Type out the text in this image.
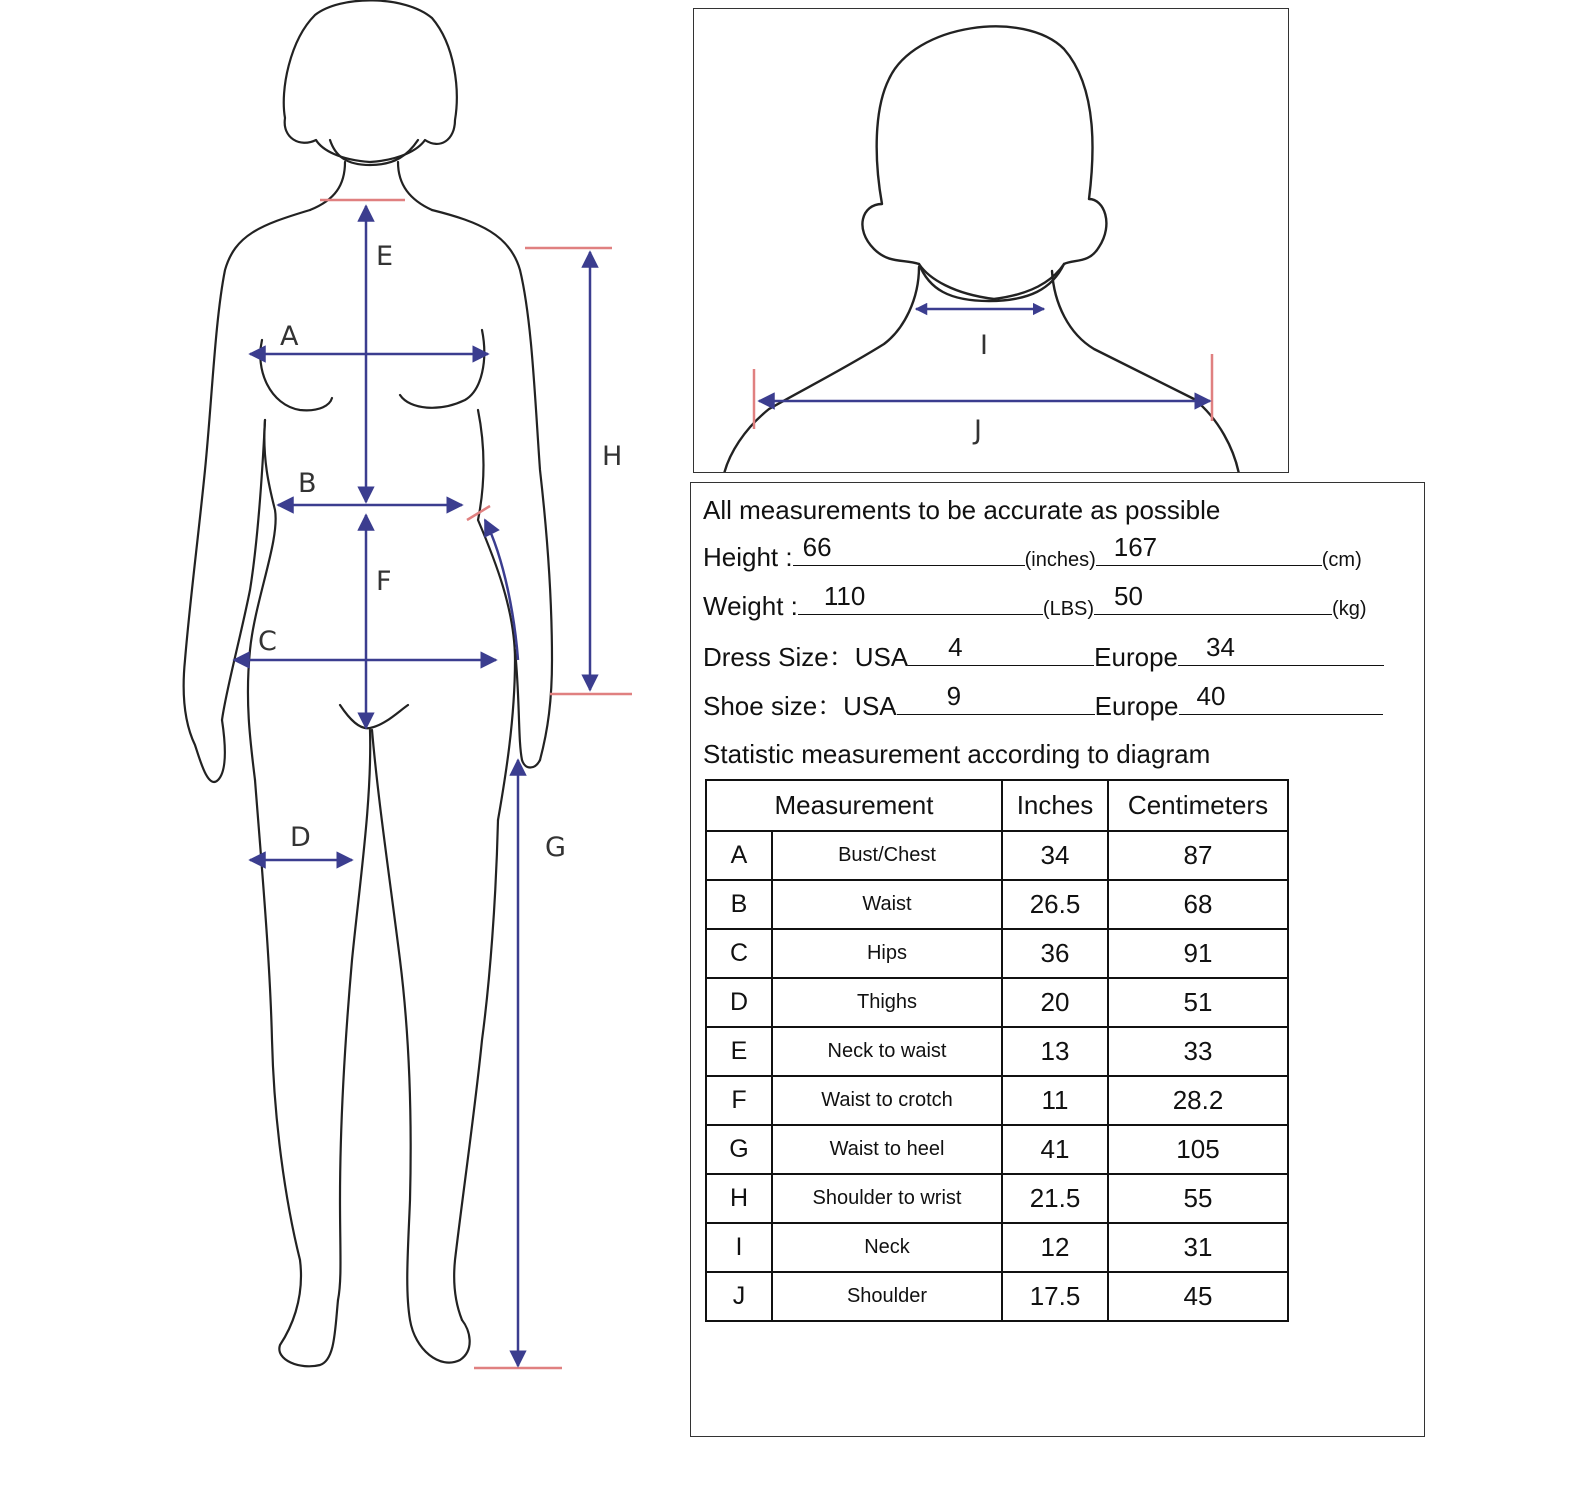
A
B
C
D
E
F
G
H
I
J
All measurements to be accurate as possible
Height : 66	(inches) 167	(cm)
Weight : 110	(LBS) 50	(kg)
Dress Size：USA 4	Europe 34
Shoe size：USA 9	Europe 40
Statistic measurement according to diagram
Measurement		Inches	Centimeters
A	Bust/Chest	34	87
B	Waist	26.5	68
C	Hips	36	91
D	Thighs	20	51
E	Neck to waist	13	33
F	Waist to crotch	11	28.2
G	Waist to heel	41	105
H	Shoulder to wrist	21.5	55
I	Neck	12	31
J	Shoulder	17.5	45
